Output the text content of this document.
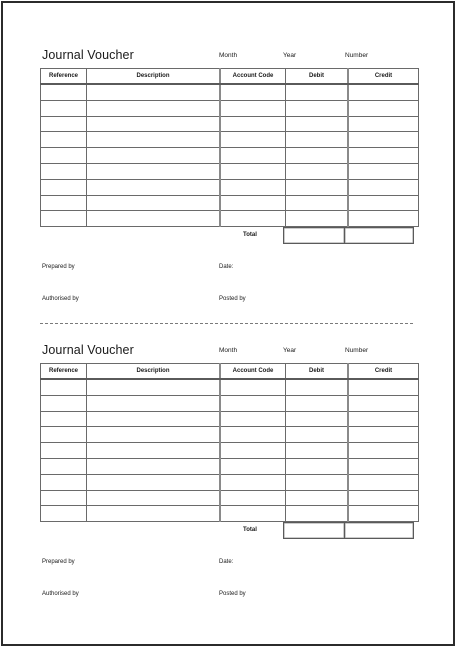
Journal Voucher	Month	Year	Number
Reference	Description	Account Code	Debit	Credit

Total
Prepared by	Date:
Authorised by	Posted by
Journal Voucher	Month	Year	Number
Reference	Description	Account Code	Debit	Credit

Total
Prepared by	Date:
Authorised by	Posted by
